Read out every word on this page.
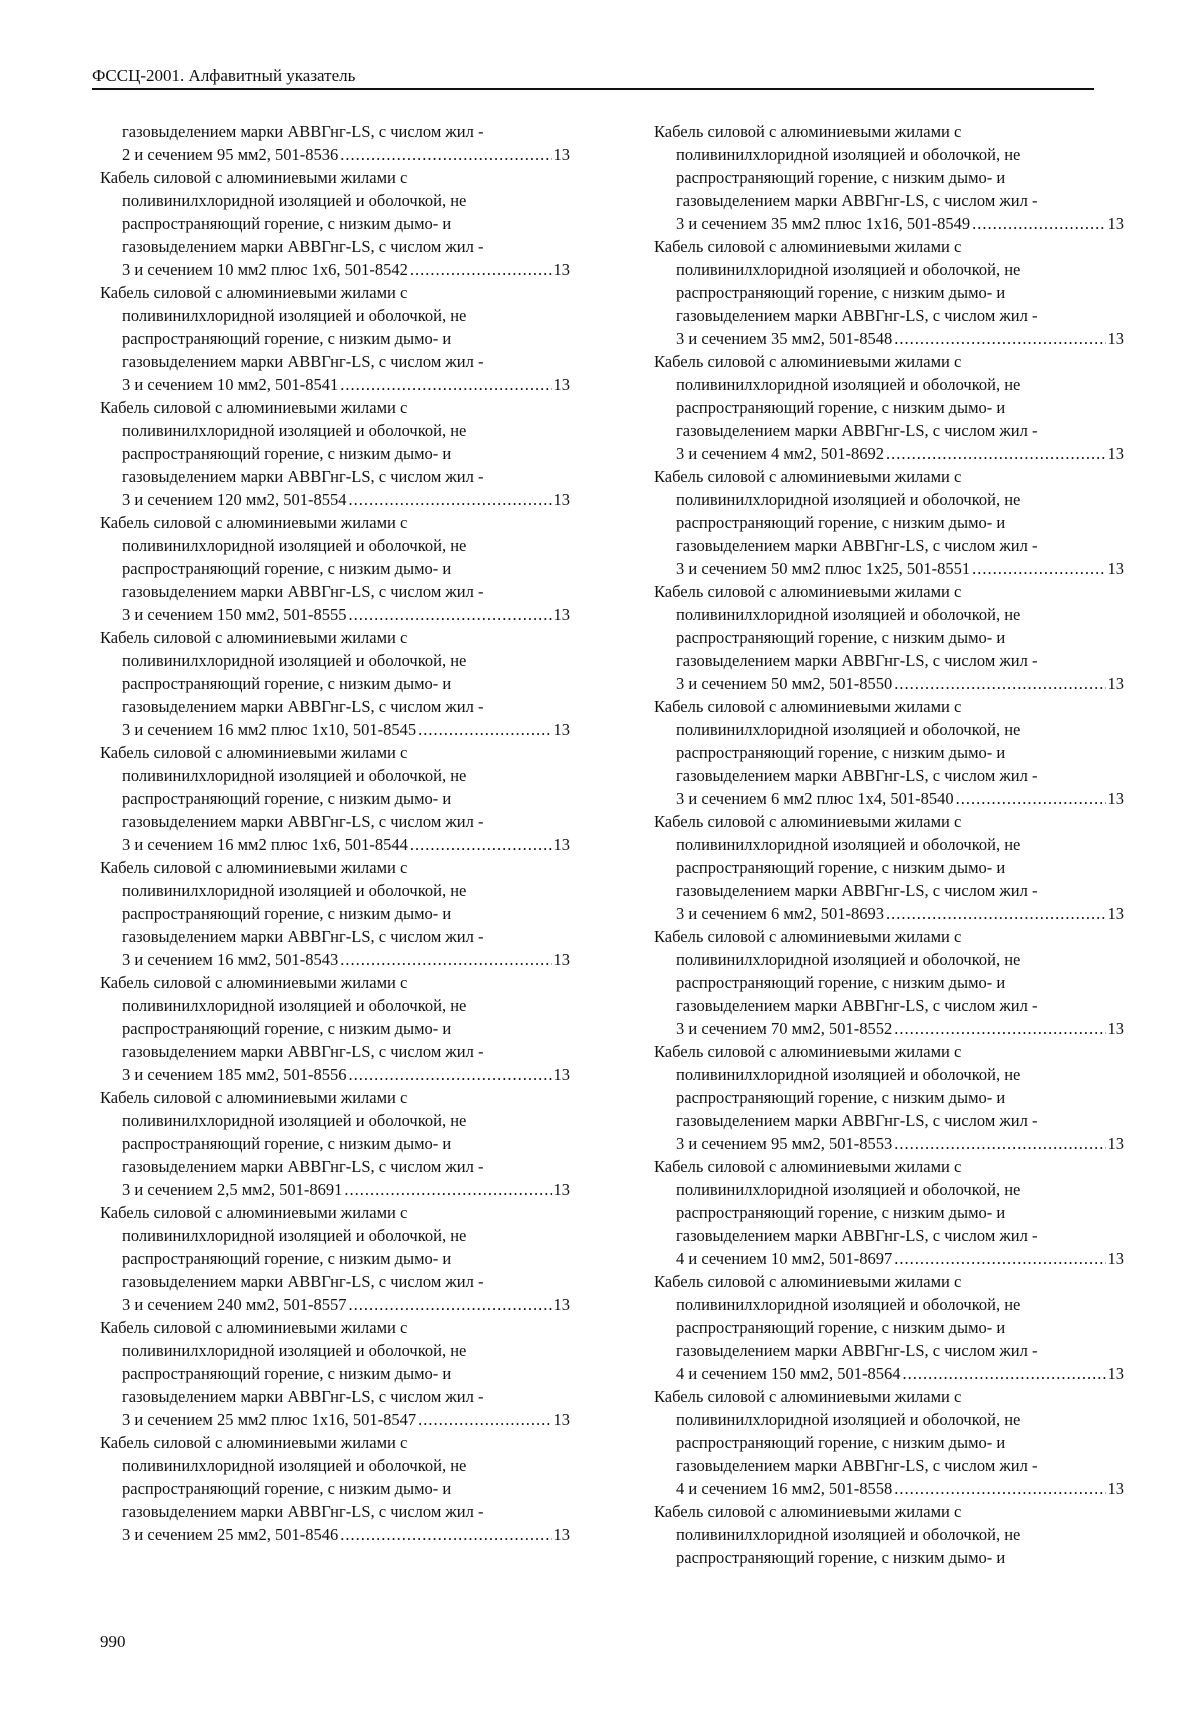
ФССЦ-2001. Алфавитный указатель
газовыделением марки АВВГнг-LS, с числом жил -
2 и сечением 95 мм2, 501-8536 .....	13
Кабель силовой с алюминиевыми жилами с
поливинилхлоридной изоляцией и оболочкой, не
распространяющий горение, с низким дымо- и
газовыделением марки АВВГнг-LS, с числом жил -
3 и сечением 10 мм2 плюс 1х6, 501-8542 .....	13
Кабель силовой с алюминиевыми жилами с
поливинилхлоридной изоляцией и оболочкой, не
распространяющий горение, с низким дымо- и
газовыделением марки АВВГнг-LS, с числом жил -
3 и сечением 10 мм2, 501-8541 .....	13
Кабель силовой с алюминиевыми жилами с
поливинилхлоридной изоляцией и оболочкой, не
распространяющий горение, с низким дымо- и
газовыделением марки АВВГнг-LS, с числом жил -
3 и сечением 120 мм2, 501-8554 .....	13
Кабель силовой с алюминиевыми жилами с
поливинилхлоридной изоляцией и оболочкой, не
распространяющий горение, с низким дымо- и
газовыделением марки АВВГнг-LS, с числом жил -
3 и сечением 150 мм2, 501-8555 .....	13
Кабель силовой с алюминиевыми жилами с
поливинилхлоридной изоляцией и оболочкой, не
распространяющий горение, с низким дымо- и
газовыделением марки АВВГнг-LS, с числом жил -
3 и сечением 16 мм2 плюс 1х10, 501-8545 .....	13
Кабель силовой с алюминиевыми жилами с
поливинилхлоридной изоляцией и оболочкой, не
распространяющий горение, с низким дымо- и
газовыделением марки АВВГнг-LS, с числом жил -
3 и сечением 16 мм2 плюс 1х6, 501-8544 .....	13
Кабель силовой с алюминиевыми жилами с
поливинилхлоридной изоляцией и оболочкой, не
распространяющий горение, с низким дымо- и
газовыделением марки АВВГнг-LS, с числом жил -
3 и сечением 16 мм2, 501-8543 .....	13
Кабель силовой с алюминиевыми жилами с
поливинилхлоридной изоляцией и оболочкой, не
распространяющий горение, с низким дымо- и
газовыделением марки АВВГнг-LS, с числом жил -
3 и сечением 185 мм2, 501-8556 .....	13
Кабель силовой с алюминиевыми жилами с
поливинилхлоридной изоляцией и оболочкой, не
распространяющий горение, с низким дымо- и
газовыделением марки АВВГнг-LS, с числом жил -
3 и сечением 2,5 мм2, 501-8691 .....	13
Кабель силовой с алюминиевыми жилами с
поливинилхлоридной изоляцией и оболочкой, не
распространяющий горение, с низким дымо- и
газовыделением марки АВВГнг-LS, с числом жил -
3 и сечением 240 мм2, 501-8557 .....	13
Кабель силовой с алюминиевыми жилами с
поливинилхлоридной изоляцией и оболочкой, не
распространяющий горение, с низким дымо- и
газовыделением марки АВВГнг-LS, с числом жил -
3 и сечением 25 мм2 плюс 1х16, 501-8547 .....	13
Кабель силовой с алюминиевыми жилами с
поливинилхлоридной изоляцией и оболочкой, не
распространяющий горение, с низким дымо- и
газовыделением марки АВВГнг-LS, с числом жил -
3 и сечением 25 мм2, 501-8546 .....	13
Кабель силовой с алюминиевыми жилами с
поливинилхлоридной изоляцией и оболочкой, не
распространяющий горение, с низким дымо- и
газовыделением марки АВВГнг-LS, с числом жил -
3 и сечением 35 мм2 плюс 1х16, 501-8549 .....	13
Кабель силовой с алюминиевыми жилами с
поливинилхлоридной изоляцией и оболочкой, не
распространяющий горение, с низким дымо- и
газовыделением марки АВВГнг-LS, с числом жил -
3 и сечением 35 мм2, 501-8548 .....	13
Кабель силовой с алюминиевыми жилами с
поливинилхлоридной изоляцией и оболочкой, не
распространяющий горение, с низким дымо- и
газовыделением марки АВВГнг-LS, с числом жил -
3 и сечением 4 мм2, 501-8692 .....	13
Кабель силовой с алюминиевыми жилами с
поливинилхлоридной изоляцией и оболочкой, не
распространяющий горение, с низким дымо- и
газовыделением марки АВВГнг-LS, с числом жил -
3 и сечением 50 мм2 плюс 1х25, 501-8551 .....	13
Кабель силовой с алюминиевыми жилами с
поливинилхлоридной изоляцией и оболочкой, не
распространяющий горение, с низким дымо- и
газовыделением марки АВВГнг-LS, с числом жил -
3 и сечением 50 мм2, 501-8550 .....	13
Кабель силовой с алюминиевыми жилами с
поливинилхлоридной изоляцией и оболочкой, не
распространяющий горение, с низким дымо- и
газовыделением марки АВВГнг-LS, с числом жил -
3 и сечением 6 мм2 плюс 1х4, 501-8540 .....	13
Кабель силовой с алюминиевыми жилами с
поливинилхлоридной изоляцией и оболочкой, не
распространяющий горение, с низким дымо- и
газовыделением марки АВВГнг-LS, с числом жил -
3 и сечением 6 мм2, 501-8693 .....	13
Кабель силовой с алюминиевыми жилами с
поливинилхлоридной изоляцией и оболочкой, не
распространяющий горение, с низким дымо- и
газовыделением марки АВВГнг-LS, с числом жил -
3 и сечением 70 мм2, 501-8552 .....	13
Кабель силовой с алюминиевыми жилами с
поливинилхлоридной изоляцией и оболочкой, не
распространяющий горение, с низким дымо- и
газовыделением марки АВВГнг-LS, с числом жил -
3 и сечением 95 мм2, 501-8553 .....	13
Кабель силовой с алюминиевыми жилами с
поливинилхлоридной изоляцией и оболочкой, не
распространяющий горение, с низким дымо- и
газовыделением марки АВВГнг-LS, с числом жил -
4 и сечением 10 мм2, 501-8697 .....	13
Кабель силовой с алюминиевыми жилами с
поливинилхлоридной изоляцией и оболочкой, не
распространяющий горение, с низким дымо- и
газовыделением марки АВВГнг-LS, с числом жил -
4 и сечением 150 мм2, 501-8564 .....	13
Кабель силовой с алюминиевыми жилами с
поливинилхлоридной изоляцией и оболочкой, не
распространяющий горение, с низким дымо- и
газовыделением марки АВВГнг-LS, с числом жил -
4 и сечением 16 мм2, 501-8558 .....	13
Кабель силовой с алюминиевыми жилами с
поливинилхлоридной изоляцией и оболочкой, не
распространяющий горение, с низким дымо- и
990
